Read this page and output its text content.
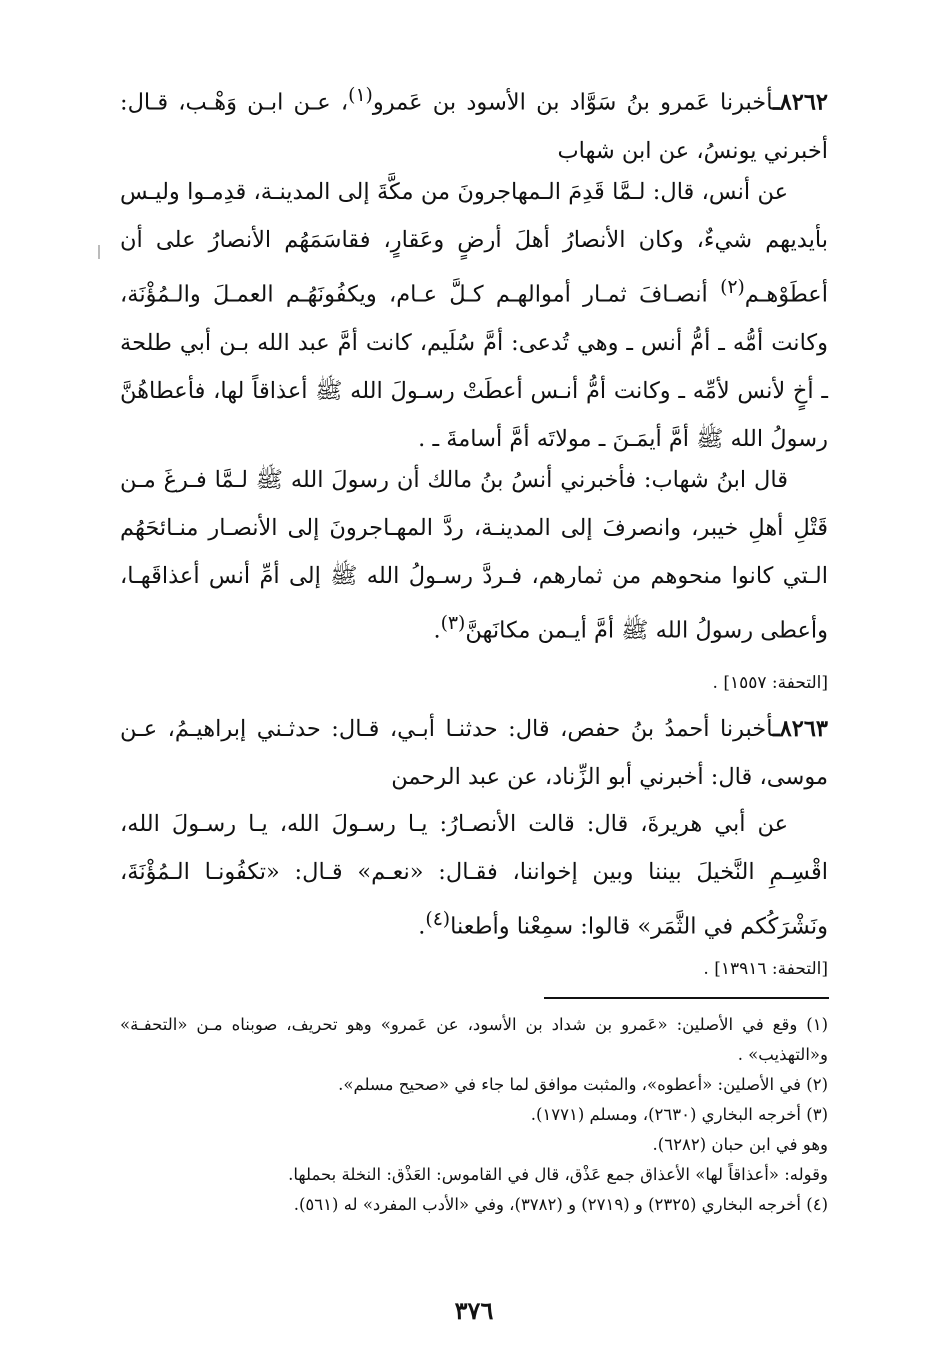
٨٢٦٢ـأخبرنا عَمرو بنُ سَوَّاد بن الأسود بن عَمرو$^{(١)}$، عـن ابـن وَهْـب، قـال: أخبرني يونسُ، عن ابن شهاب
عن أنس، قال: لـمَّا قَدِمَ الـمهاجرونَ من مكَّةَ إلى المدينـة، قدِمـوا وليـس بأيديهم شيءٌ، وكان الأنصارُ أهلَ أرضٍ وعَقارٍ، فقاسَمَهُم الأنصارُ على أن أعطَوْهـم$^{(٢)}$ أنصـافَ ثمـار أموالهـم كـلَّ عـام، ويكفُونَهُـم العمـلَ والـمُؤْنَة، وكانت أمُّه ـ أمُّ أنس ـ وهي تُدعى: أمَّ سُلَيم، كانت أمَّ عبد الله بـن أبي طلحة ـ أخٍ لأنس لأمِّه ـ وكانت أمُّ أنـس أعطَتْ رسـولَ الله ﷺ أعذاقاً لها، فأعطاهُنَّ رسولُ الله ﷺ أمَّ أيمَـنَ ـ مولاتَه أمَّ أسامةَ ـ .
قال ابنُ شهاب: فأخبرني أنسُ بنُ مالك أن رسولَ الله ﷺ لـمَّا فـرغَ مـن قَتْلِ أهلِ خيبر، وانصرفَ إلى المدينـة، ردَّ المهـاجرونَ إلى الأنصـار منـائحَهُم الـتي كانوا منحوهم من ثمارهم، فـردَّ رسـولُ الله ﷺ إلى أمِّ أنس أعذاقَهـا، وأعطى رسولُ الله ﷺ أمَّ أيـمن مكانَهنَّ$^{(٣)}$.
[التحفة: ١٥٥٧] .
٨٢٦٣ـأخبرنا أحمدُ بنُ حفص، قال: حدثنـا أبـي، قـال: حدثـني إبراهيـمُ، عـن موسى، قال: أخبرني أبو الزِّناد، عن عبد الرحمن
عن أبي هريرةَ، قال: قالت الأنصـارُ: يـا رسـولَ الله، يـا رسـولَ الله، اقْسِـمِ النَّخيلَ بيننا وبين إخواننا، فقـال: «نعـم» قـال: «تكفُونـا الـمُؤْنَةَ، ونَشْرَكُكم في الثَّمَر» قالوا: سمِعْنا وأطعنا$^{(٤)}$.
[التحفة: ١٣٩١٦] .
(١) وقع في الأصلين: «عَمرو بن شداد بن الأسود، عن عَمرو» وهو تحريف، صوبناه مـن «التحفـة» و«التهذيب» .
(٢) في الأصلين: «أعطوه»، والمثبت موافق لما جاء في «صحيح مسلم».
(٣) أخرجه البخاري (٢٦٣٠)، ومسلم (١٧٧١).
وهو في ابن حبان (٦٢٨٢).
وقوله: «أعذاقاً لها» الأعذاق جمع عَذْق، قال في القاموس: العَذْق: النخلة بحملها.
(٤) أخرجه البخاري (٢٣٢٥) و (٢٧١٩) و (٣٧٨٢)، وفي «الأدب المفرد» له (٥٦١).
٣٧٦
